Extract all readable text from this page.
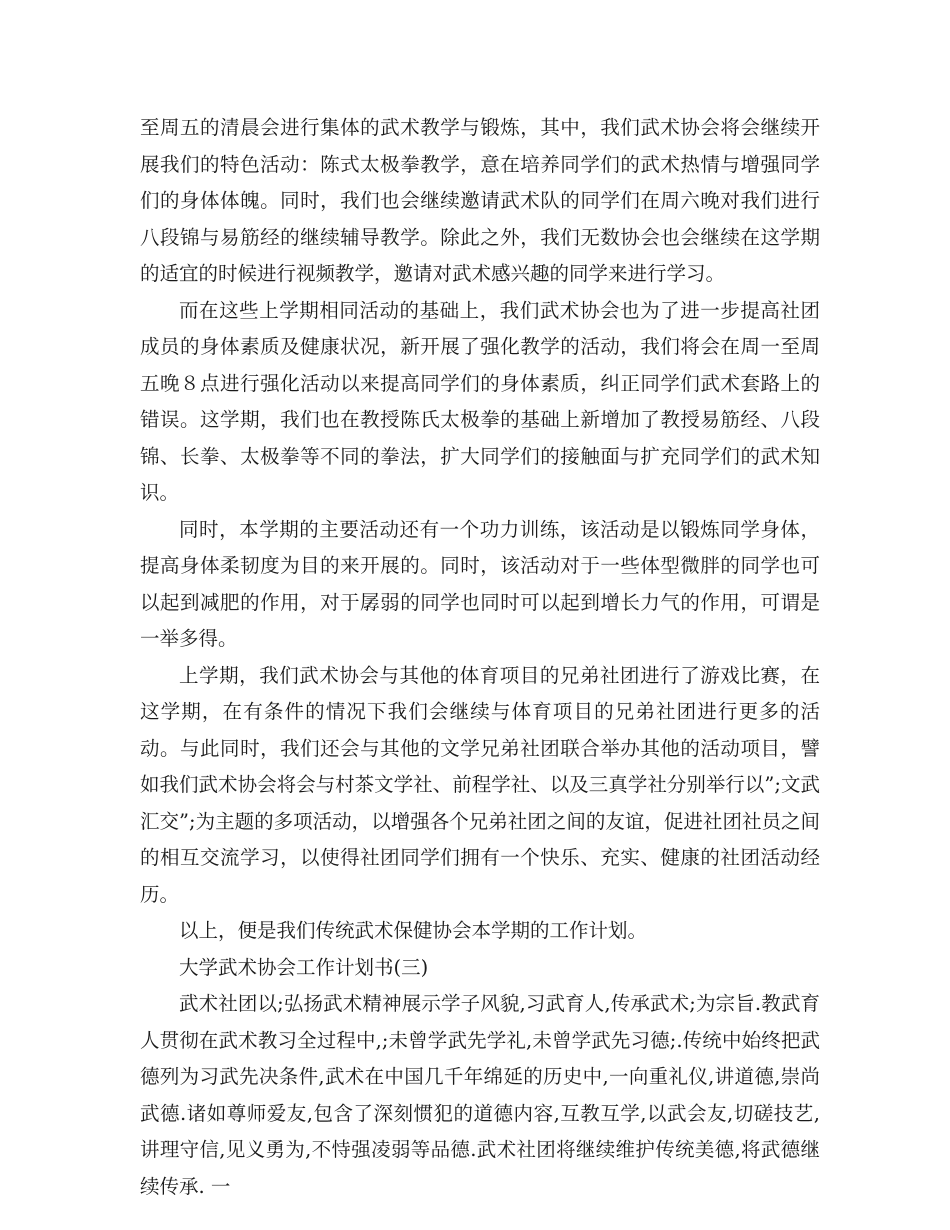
至周五的清晨会进行集体的武术教学与锻炼，其中，我们武术协会将会继续开展我们的特色活动：陈式太极拳教学，意在培养同学们的武术热情与增强同学们的身体体魄。同时，我们也会继续邀请武术队的同学们在周六晚对我们进行八段锦与易筋经的继续辅导教学。除此之外，我们无数协会也会继续在这学期的适宜的时候进行视频教学，邀请对武术感兴趣的同学来进行学习。

而在这些上学期相同活动的基础上，我们武术协会也为了进一步提高社团成员的身体素质及健康状况，新开展了强化教学的活动，我们将会在周一至周五晚８点进行强化活动以来提高同学们的身体素质，纠正同学们武术套路上的错误。这学期，我们也在教授陈氏太极拳的基础上新增加了教授易筋经、八段锦、长拳、太极拳等不同的拳法，扩大同学们的接触面与扩充同学们的武术知识。

同时，本学期的主要活动还有一个功力训练，该活动是以锻炼同学身体，提高身体柔韧度为目的来开展的。同时，该活动对于一些体型微胖的同学也可以起到减肥的作用，对于孱弱的同学也同时可以起到增长力气的作用，可谓是一举多得。

上学期，我们武术协会与其他的体育项目的兄弟社团进行了游戏比赛，在这学期，在有条件的情况下我们会继续与体育项目的兄弟社团进行更多的活动。与此同时，我们还会与其他的文学兄弟社团联合举办其他的活动项目，譬如我们武术协会将会与村茶文学社、前程学社、以及三真学社分别举行以”;文武汇交”;为主题的多项活动，以增强各个兄弟社团之间的友谊，促进社团社员之间的相互交流学习，以使得社团同学们拥有一个快乐、充实、健康的社团活动经历。

以上，便是我们传统武术保健协会本学期的工作计划。

大学武术协会工作计划书(三)

武术社团以;弘扬武术精神展示学子风貌,习武育人,传承武术;为宗旨.教武育人贯彻在武术教习全过程中,;未曾学武先学礼,未曾学武先习德;.传统中始终把武德列为习武先决条件,武术在中国几千年绵延的历史中,一向重礼仪,讲道德,崇尚武德.诸如尊师爱友,包含了深刻惯犯的道德内容,互教互学,以武会友,切磋技艺,讲理守信,见义勇为,不恃强凌弱等品德.武术社团将继续维护传统美德,将武德继续传承. 一
